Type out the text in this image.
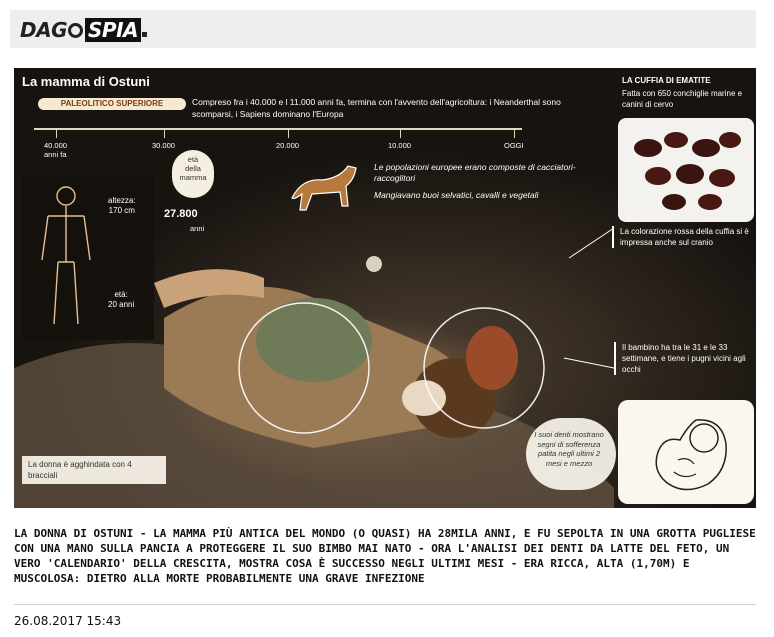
DAG SPIA ▪
La mamma di Ostuni
PALEOLITICO SUPERIORE	Compreso fra i 40.000 e l 11.000 anni fa, termina con l'avvento dell'agricoltura: i Neanderthal sono scomparsi, i Sapiens dominano l'Europa
40.000
anni fa
30.000	20.000	10.000	OGGI
età
della
mamma
27.800
anni
Le popolazioni europee erano composte di cacciatori-raccoglitori
Mangiavano buoi selvatici, cavalli e vegetali
altezza:
170 cm
età:
20 anni
LA CUFFIA DI EMATITE
Fatta con 650 conchiglie marine e canini di cervo
La colorazione rossa della cuffia si è impressa anche sul cranio
Il bambino ha tra le 31 e le 33 settimane, e tiene i pugni vicini agli occhi
I suoi denti mostrano segni di sofferenza patita negli ultimi 2 mesi e mezzo
La donna è agghindata con 4 bracciali
LA DONNA DI OSTUNI - LA MAMMA PIÙ ANTICA DEL MONDO (O QUASI) HA 28MILA ANNI, E FU SEPOLTA IN UNA GROTTA PUGLIESE CON UNA MANO SULLA PANCIA A PROTEGGERE IL SUO BIMBO MAI NATO - ORA L'ANALISI DEI DENTI DA LATTE DEL FETO, UN VERO 'CALENDARIO' DELLA CRESCITA, MOSTRA COSA È SUCCESSO NEGLI ULTIMI MESI - ERA RICCA, ALTA (1,70M) E MUSCOLOSA: DIETRO ALLA MORTE PROBABILMENTE UNA GRAVE INFEZIONE
26.08.2017 15:43
